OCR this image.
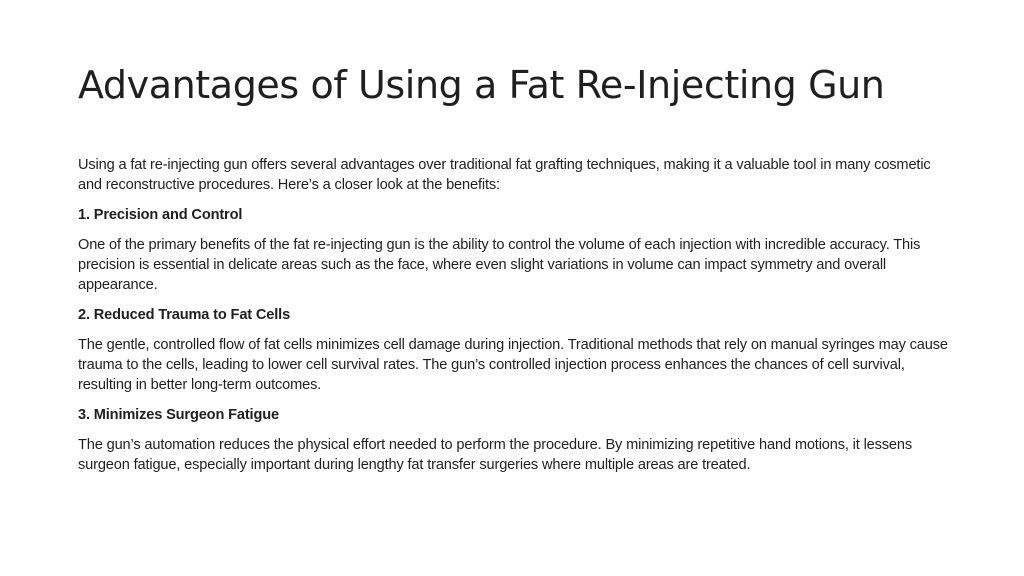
Advantages of Using a Fat Re-Injecting Gun

Using a fat re-injecting gun offers several advantages over traditional fat grafting techniques, making it a valuable tool in many cosmetic and reconstructive procedures. Here’s a closer look at the benefits:

1. Precision and Control

One of the primary benefits of the fat re-injecting gun is the ability to control the volume of each injection with incredible accuracy. This precision is essential in delicate areas such as the face, where even slight variations in volume can impact symmetry and overall appearance.

2. Reduced Trauma to Fat Cells

The gentle, controlled flow of fat cells minimizes cell damage during injection. Traditional methods that rely on manual syringes may cause trauma to the cells, leading to lower cell survival rates. The gun’s controlled injection process enhances the chances of cell survival, resulting in better long-term outcomes.

3. Minimizes Surgeon Fatigue

The gun’s automation reduces the physical effort needed to perform the procedure. By minimizing repetitive hand motions, it lessens surgeon fatigue, especially important during lengthy fat transfer surgeries where multiple areas are treated.
